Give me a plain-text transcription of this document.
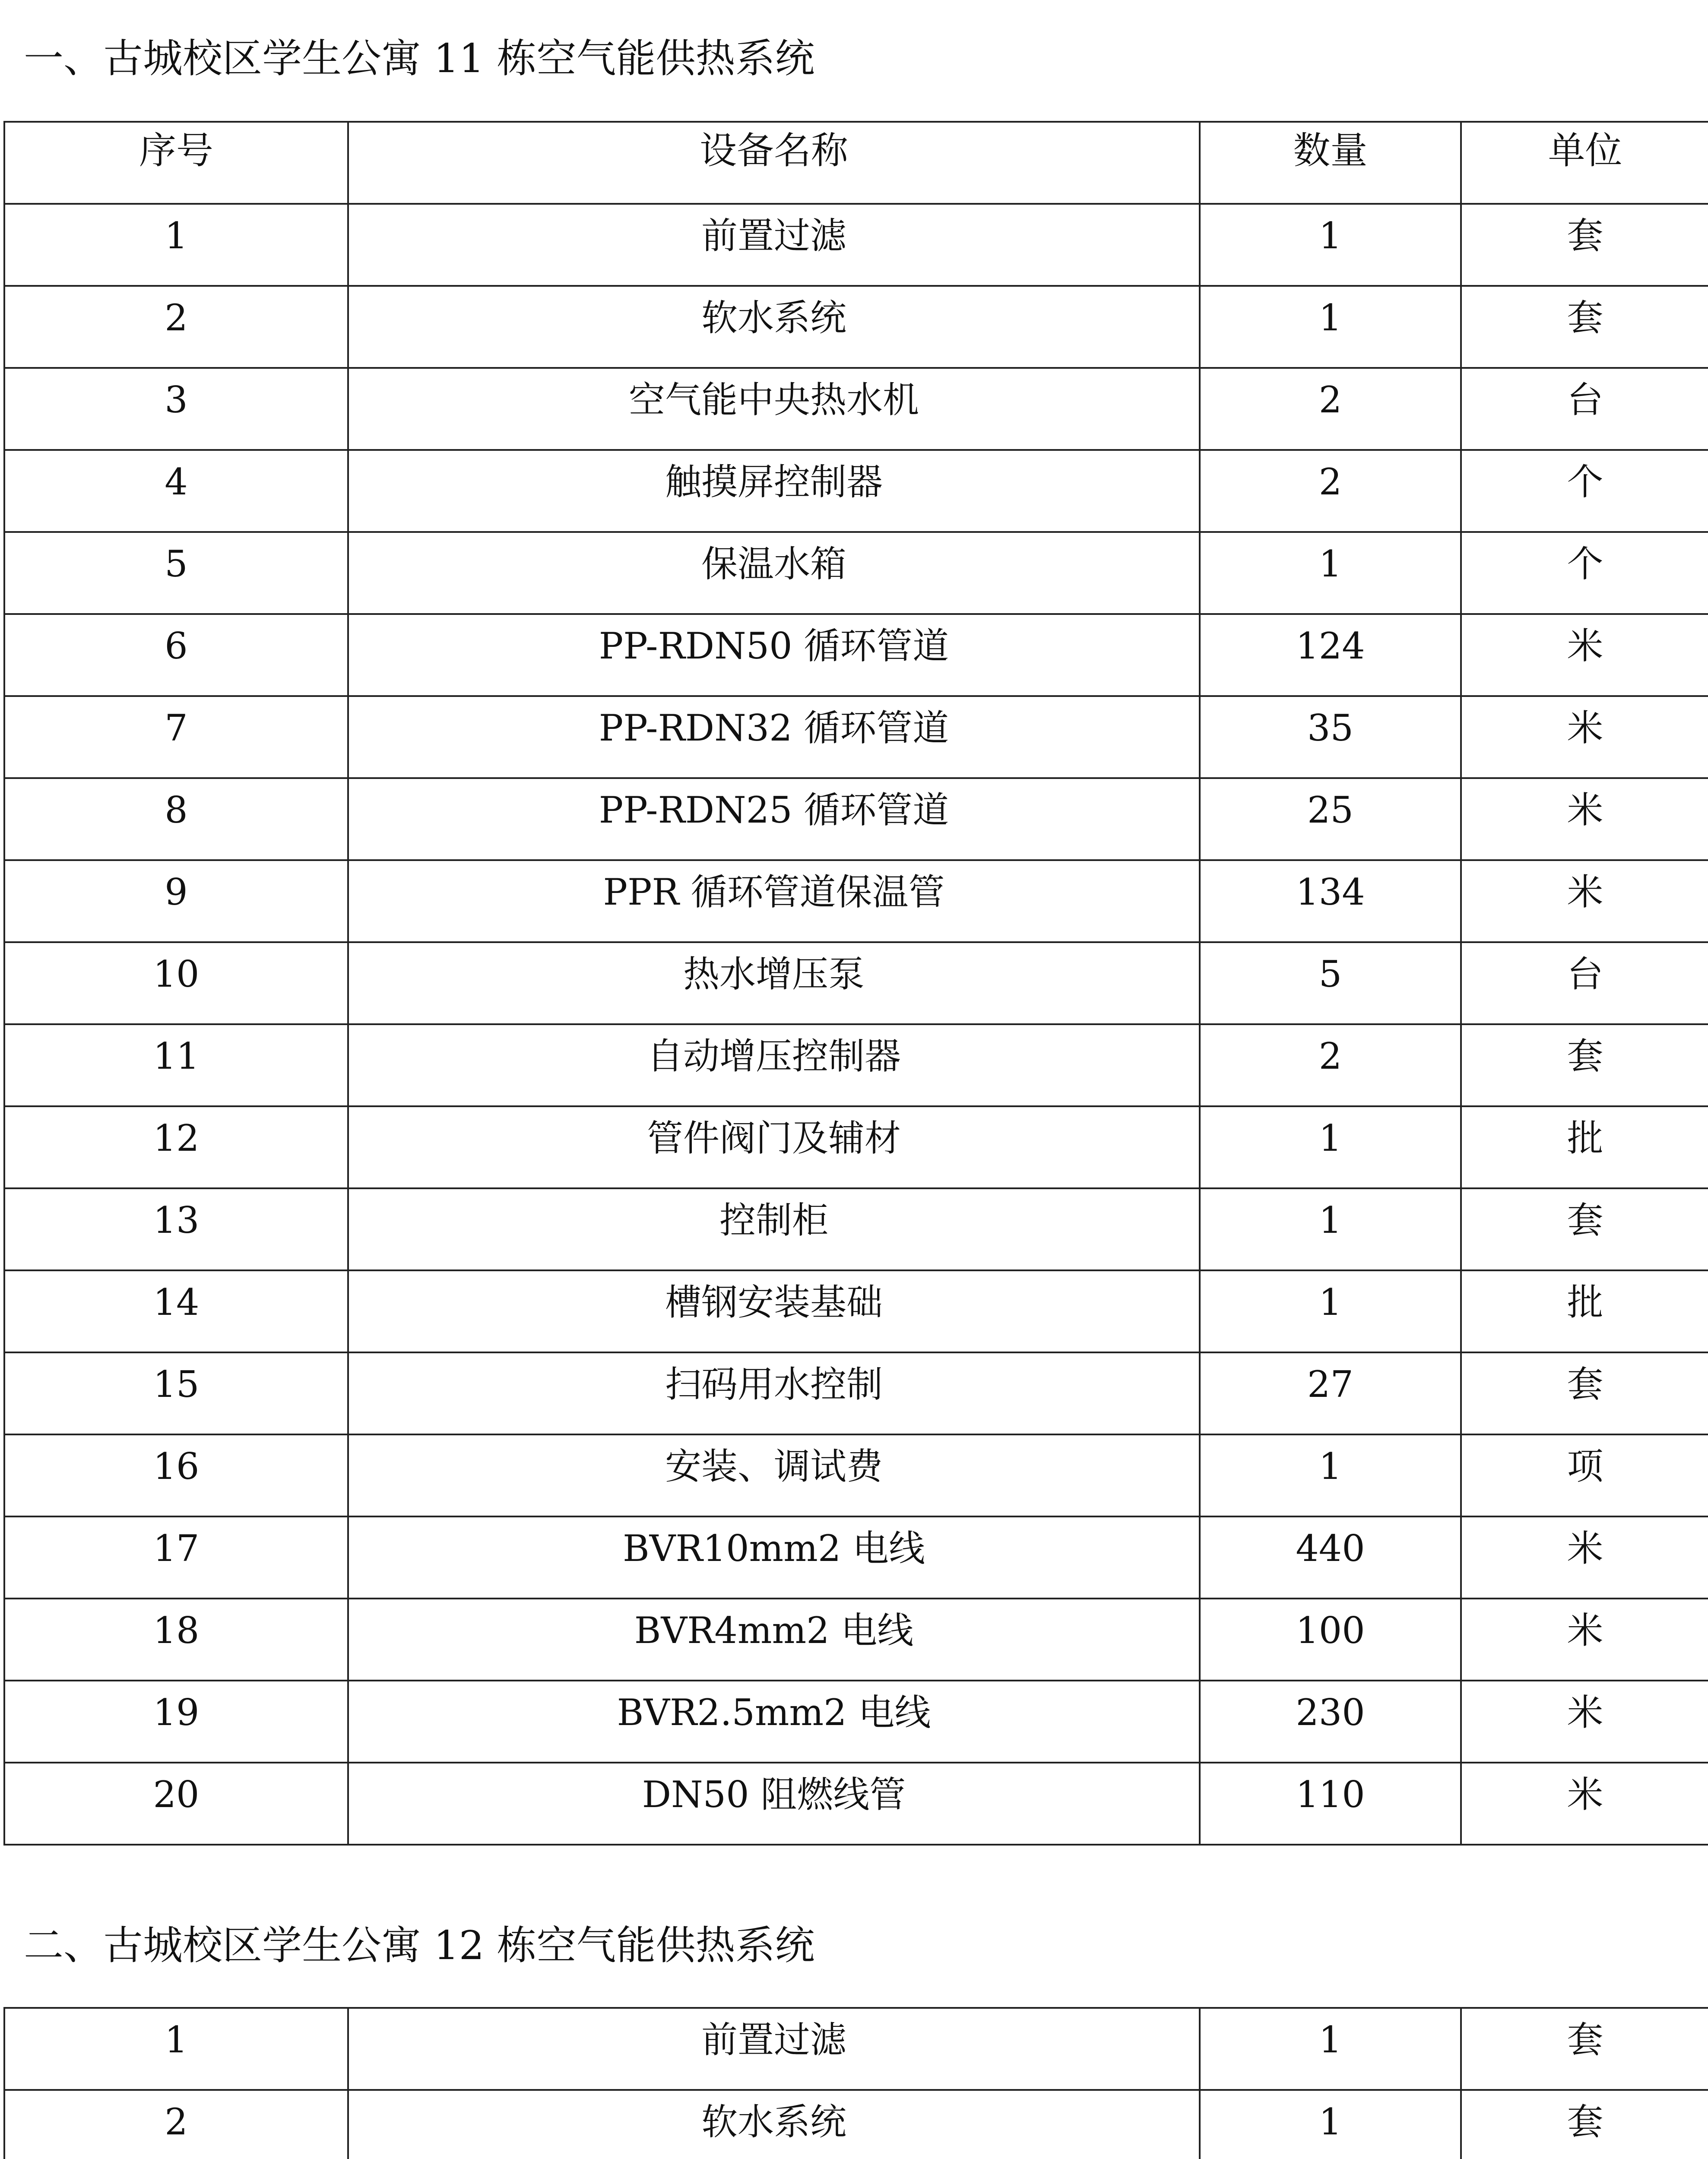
一、古城校区学生公寓 11 栋空气能供热系统
序号	设备名称	数量	单位
1	前置过滤	1	套
2	软水系统	1	套
3	空气能中央热水机	2	台
4	触摸屏控制器	2	个
5	保温水箱	1	个
6	PP-RDN50 循环管道	124	米
7	PP-RDN32 循环管道	35	米
8	PP-RDN25 循环管道	25	米
9	PPR 循环管道保温管	134	米
10	热水增压泵	5	台
11	自动增压控制器	2	套
12	管件阀门及辅材	1	批
13	控制柜	1	套
14	槽钢安装基础	1	批
15	扫码用水控制	27	套
16	安装、调试费	1	项
17	BVR10mm2 电线	440	米
18	BVR4mm2 电线	100	米
19	BVR2.5mm2 电线	230	米
20	DN50 阻燃线管	110	米
二、古城校区学生公寓 12 栋空气能供热系统
1	前置过滤	1	套
2	软水系统	1	套
